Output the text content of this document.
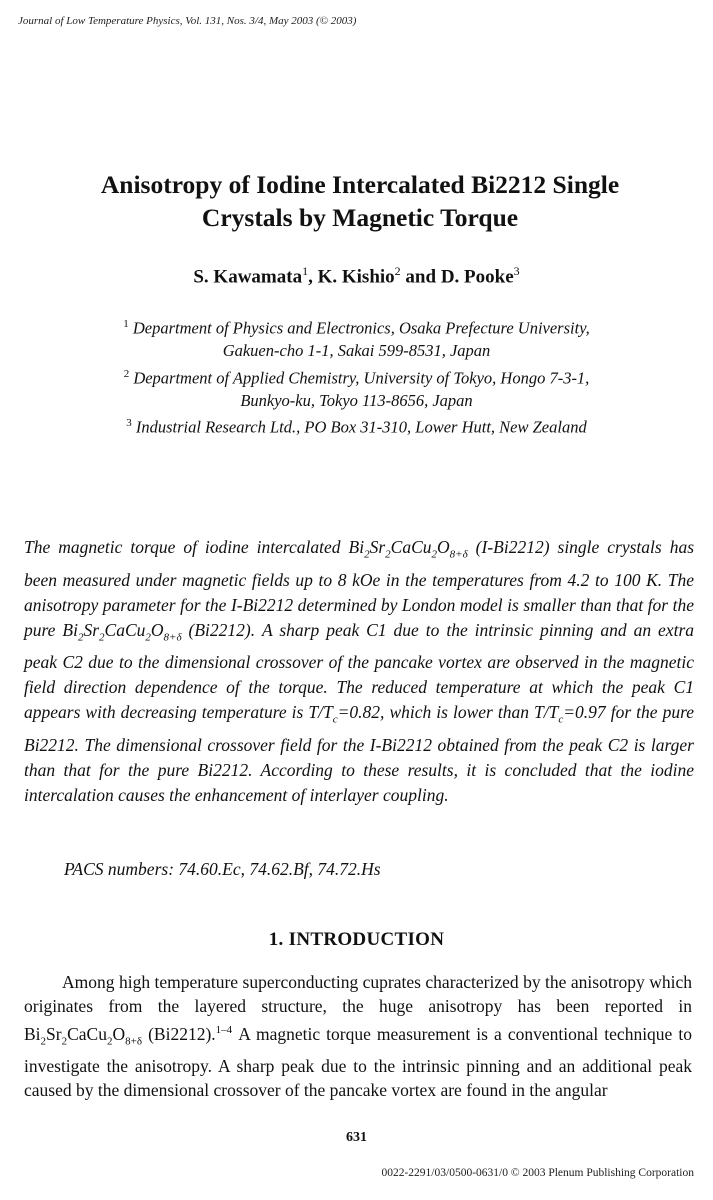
Journal of Low Temperature Physics, Vol. 131, Nos. 3/4, May 2003 (© 2003)
Anisotropy of Iodine Intercalated Bi2212 Single
Crystals by Magnetic Torque
S. Kawamata$^1$, K. Kishio$^2$ and D. Pooke$^3$
$^1$ Department of Physics and Electronics, Osaka Prefecture University,
Gakuen-cho 1-1, Sakai 599-8531, Japan
$^2$ Department of Applied Chemistry, University of Tokyo, Hongo 7-3-1,
Bunkyo-ku, Tokyo 113-8656, Japan
$^3$ Industrial Research Ltd., PO Box 31-310, Lower Hutt, New Zealand
The magnetic torque of iodine intercalated $Bi_2Sr_2CaCu_2O_{8+\delta}$ (I-Bi2212) single crystals has been measured under magnetic fields up to 8 kOe in the temperatures from 4.2 to 100 K. The anisotropy parameter for the I-Bi2212 determined by London model is smaller than that for the pure $Bi_2Sr_2CaCu_2O_{8+\delta}$ (Bi2212). A sharp peak C1 due to the intrinsic pinning and an extra peak C2 due to the dimensional crossover of the pancake vortex are observed in the magnetic field direction dependence of the torque. The reduced temperature at which the peak C1 appears with decreasing temperature is $T/T_c=0.82$, which is lower than $T/T_c=0.97$ for the pure Bi2212. The dimensional crossover field for the I-Bi2212 obtained from the peak C2 is larger than that for the pure Bi2212. According to these results, it is concluded that the iodine intercalation causes the enhancement of interlayer coupling.
PACS numbers: 74.60.Ec, 74.62.Bf, 74.72.Hs
1. INTRODUCTION
Among high temperature superconducting cuprates characterized by the anisotropy which originates from the layered structure, the huge anisotropy has been reported in $Bi_2Sr_2CaCu_2O_{8+\delta}$ (Bi2212).$^{1-4}$ A magnetic torque measurement is a conventional technique to investigate the anisotropy. A sharp peak due to the intrinsic pinning and an additional peak caused by the dimensional crossover of the pancake vortex are found in the angular
631
0022-2291/03/0500-0631/0 © 2003 Plenum Publishing Corporation
